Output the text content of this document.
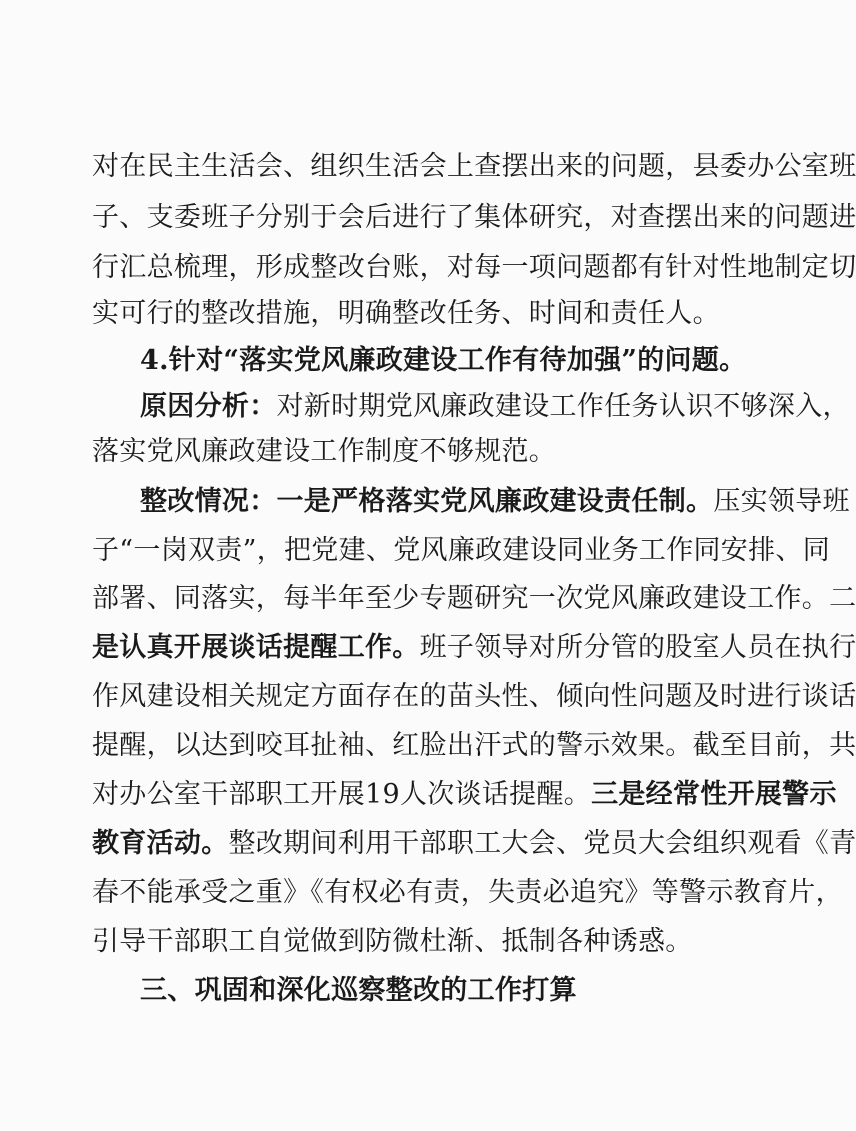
对在民主生活会、组织生活会上查摆出来的问题，县委办公室班
子、支委班子分别于会后进行了集体研究，对查摆出来的问题进
行汇总梳理，形成整改台账，对每一项问题都有针对性地制定切
实可行的整改措施，明确整改任务、时间和责任人。
4.针对“落实党风廉政建设工作有待加强”的问题。
原因分析：对新时期党风廉政建设工作任务认识不够深入，
落实党风廉政建设工作制度不够规范。
整改情况：一是严格落实党风廉政建设责任制。压实领导班
子“一岗双责”，把党建、党风廉政建设同业务工作同安排、同
部署、同落实，每半年至少专题研究一次党风廉政建设工作。二
是认真开展谈话提醒工作。班子领导对所分管的股室人员在执行
作风建设相关规定方面存在的苗头性、倾向性问题及时进行谈话
提醒，以达到咬耳扯袖、红脸出汗式的警示效果。截至目前，共
对办公室干部职工开展19人次谈话提醒。三是经常性开展警示
教育活动。整改期间利用干部职工大会、党员大会组织观看《青
春不能承受之重》《有权必有责，失责必追究》等警示教育片，
引导干部职工自觉做到防微杜渐、抵制各种诱惑。
三、巩固和深化巡察整改的工作打算
